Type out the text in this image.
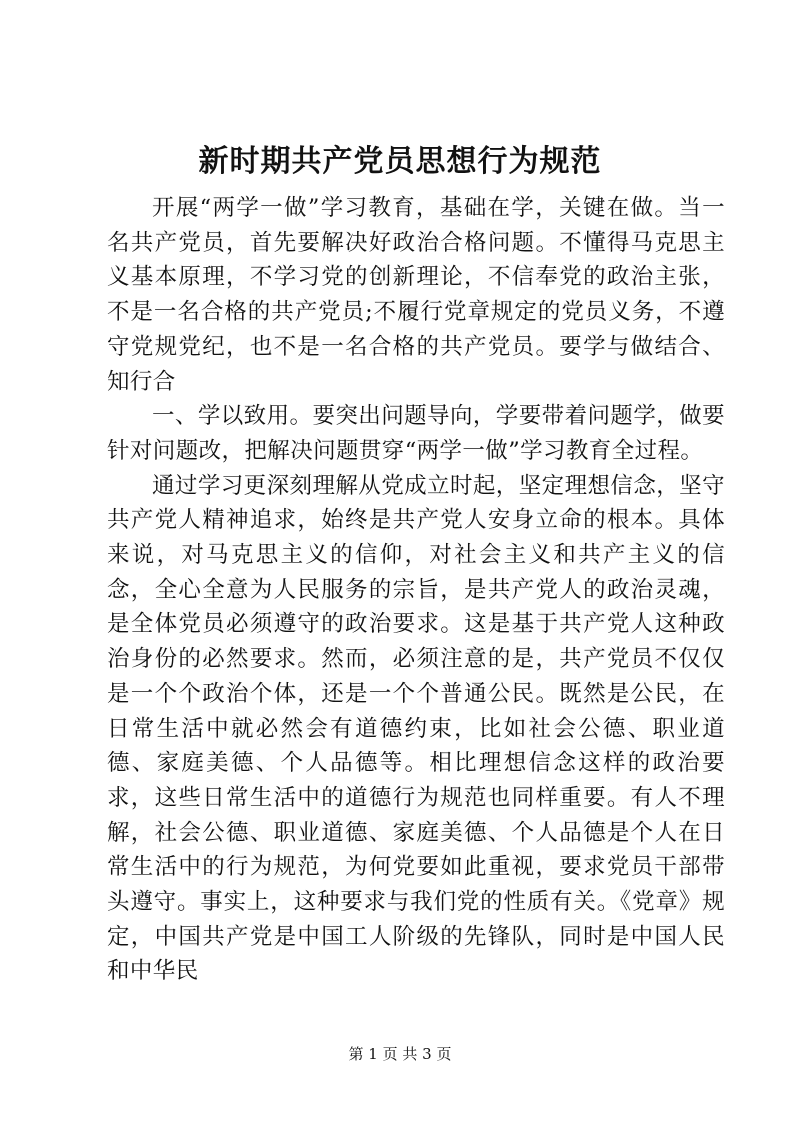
新时期共产党员思想行为规范

开展“两学一做”学习教育，基础在学，关键在做。当一名共产党员，首先要解决好政治合格问题。不懂得马克思主义基本原理，不学习党的创新理论，不信奉党的政治主张，不是一名合格的共产党员;不履行党章规定的党员义务，不遵守党规党纪，也不是一名合格的共产党员。要学与做结合、知行合

一、学以致用。要突出问题导向，学要带着问题学，做要针对问题改，把解决问题贯穿“两学一做”学习教育全过程。

通过学习更深刻理解从党成立时起，坚定理想信念，坚守共产党人精神追求，始终是共产党人安身立命的根本。具体来说，对马克思主义的信仰，对社会主义和共产主义的信念，全心全意为人民服务的宗旨，是共产党人的政治灵魂，是全体党员必须遵守的政治要求。这是基于共产党人这种政治身份的必然要求。然而，必须注意的是，共产党员不仅仅是一个个政治个体，还是一个个普通公民。既然是公民，在日常生活中就必然会有道德约束，比如社会公德、职业道德、家庭美德、个人品德等。相比理想信念这样的政治要求，这些日常生活中的道德行为规范也同样重要。有人不理解，社会公德、职业道德、家庭美德、个人品德是个人在日常生活中的行为规范，为何党要如此重视，要求党员干部带头遵守。事实上，这种要求与我们党的性质有关。《党章》规定，中国共产党是中国工人阶级的先锋队，同时是中国人民和中华民

第 1 页 共 3 页
